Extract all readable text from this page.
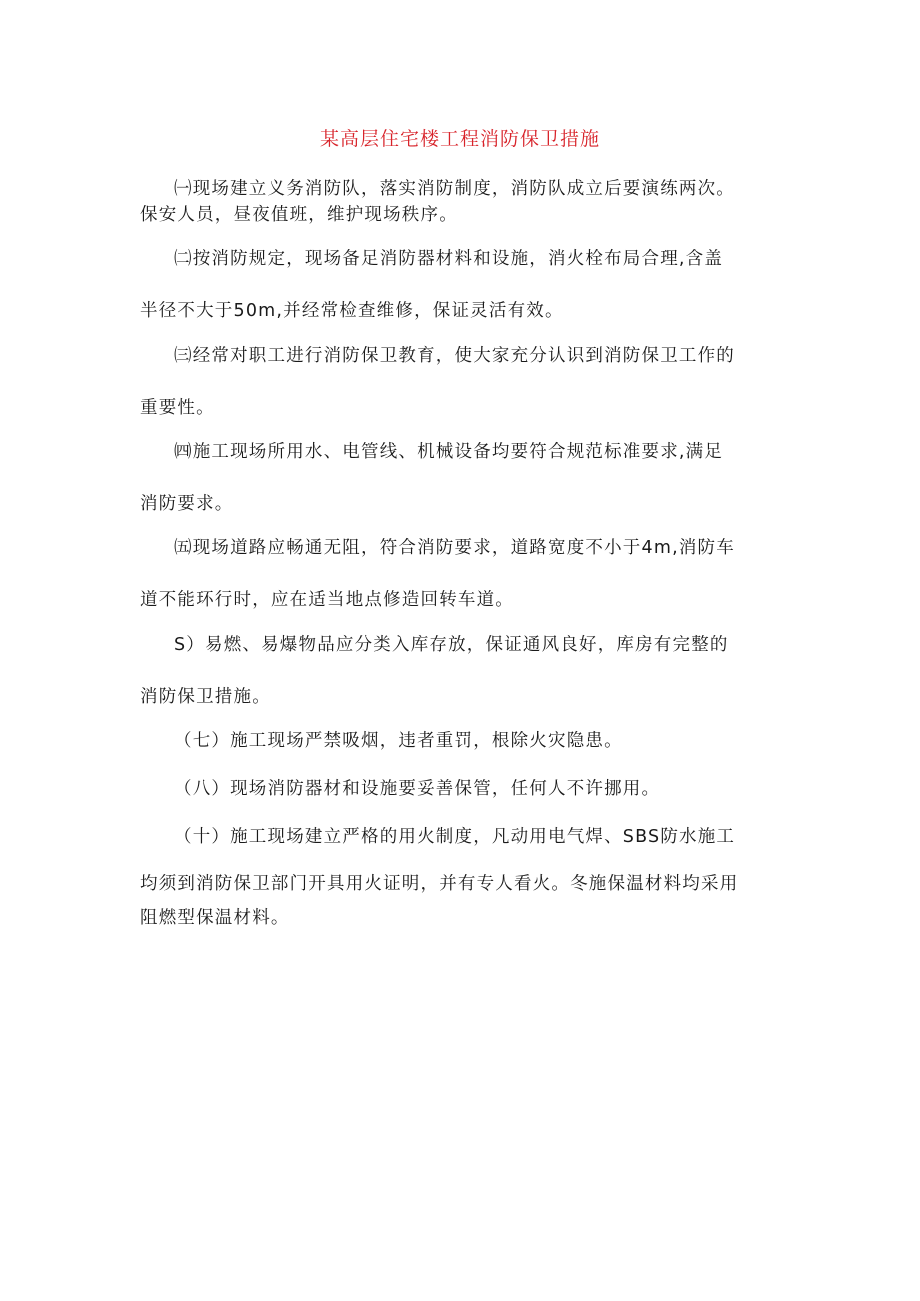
某高层住宅楼工程消防保卫措施
㈠现场建立义务消防队，落实消防制度，消防队成立后要演练两次。
保安人员，昼夜值班，维护现场秩序。
㈡按消防规定，现场备足消防器材料和设施，消火栓布局合理,含盖
半径不大于50m,并经常检查维修，保证灵活有效。
㈢经常对职工进行消防保卫教育，使大家充分认识到消防保卫工作的
重要性。
㈣施工现场所用水、电管线、机械设备均要符合规范标准要求,满足
消防要求。
㈤现场道路应畅通无阻，符合消防要求，道路宽度不小于4m,消防车
道不能环行时，应在适当地点修造回转车道。
S）易燃、易爆物品应分类入库存放，保证通风良好，库房有完整的
消防保卫措施。
（七）施工现场严禁吸烟，违者重罚，根除火灾隐患。
（八）现场消防器材和设施要妥善保管，任何人不许挪用。
（十）施工现场建立严格的用火制度，凡动用电气焊、SBS防水施工
均须到消防保卫部门开具用火证明，并有专人看火。冬施保温材料均采用
阻燃型保温材料。
